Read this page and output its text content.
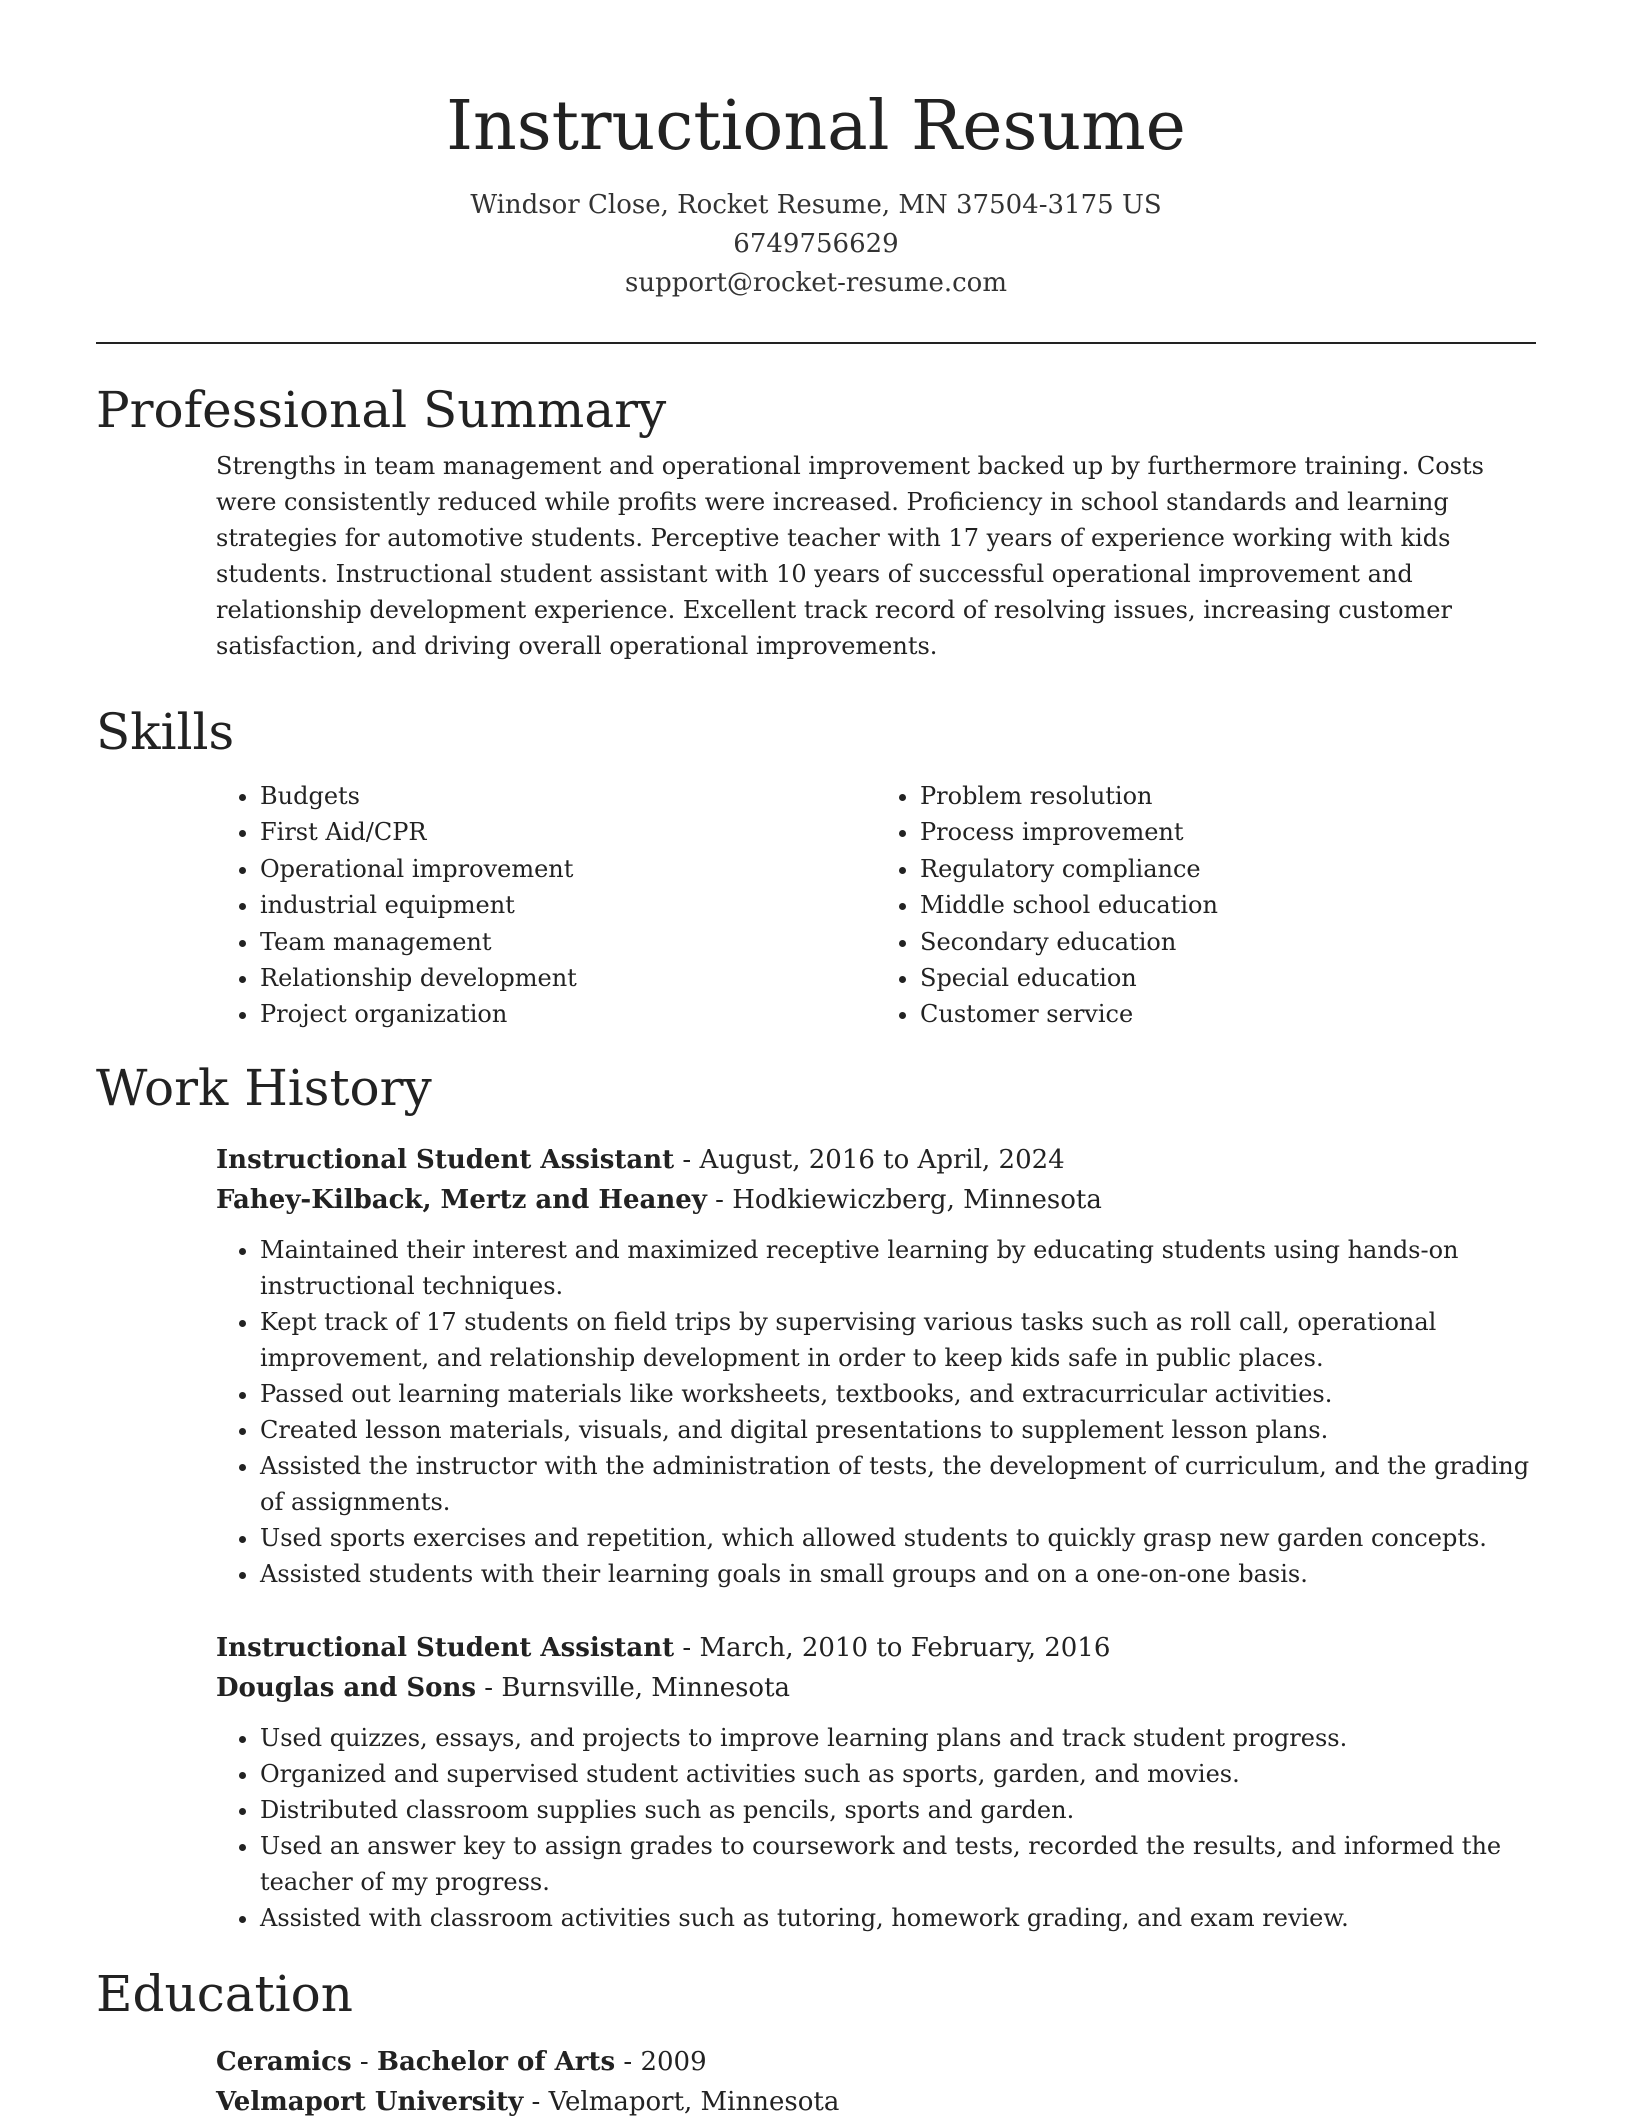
Instructional Resume
Windsor Close, Rocket Resume, MN 37504-3175 US
6749756629
support@rocket-resume.com
Professional Summary

Strengths in team management and operational improvement backed up by furthermore training. Costs were consistently reduced while profits were increased. Proficiency in school standards and learning strategies for automotive students. Perceptive teacher with 17 years of experience working with kids students. Instructional student assistant with 10 years of successful operational improvement and relationship development experience. Excellent track record of resolving issues, increasing customer satisfaction, and driving overall operational improvements.

Skills
• Budgets
• First Aid/CPR
• Operational improvement
• industrial equipment
• Team management
• Relationship development
• Project organization
• Problem resolution
• Process improvement
• Regulatory compliance
• Middle school education
• Secondary education
• Special education
• Customer service
Work History

Instructional Student Assistant - August, 2016 to April, 2024

Fahey-Kilback, Mertz and Heaney - Hodkiewiczberg, Minnesota

• Maintained their interest and maximized receptive learning by educating students using hands-on instructional techniques.
• Kept track of 17 students on field trips by supervising various tasks such as roll call, operational improvement, and relationship development in order to keep kids safe in public places.
• Passed out learning materials like worksheets, textbooks, and extracurricular activities.
• Created lesson materials, visuals, and digital presentations to supplement lesson plans.
• Assisted the instructor with the administration of tests, the development of curriculum, and the grading of assignments.
• Used sports exercises and repetition, which allowed students to quickly grasp new garden concepts.
• Assisted students with their learning goals in small groups and on a one-on-one basis.

Instructional Student Assistant - March, 2010 to February, 2016

Douglas and Sons - Burnsville, Minnesota

• Used quizzes, essays, and projects to improve learning plans and track student progress.
• Organized and supervised student activities such as sports, garden, and movies.
• Distributed classroom supplies such as pencils, sports and garden.
• Used an answer key to assign grades to coursework and tests, recorded the results, and informed the teacher of my progress.
• Assisted with classroom activities such as tutoring, homework grading, and exam review.
Education

Ceramics - Bachelor of Arts - 2009

Velmaport University - Velmaport, Minnesota
